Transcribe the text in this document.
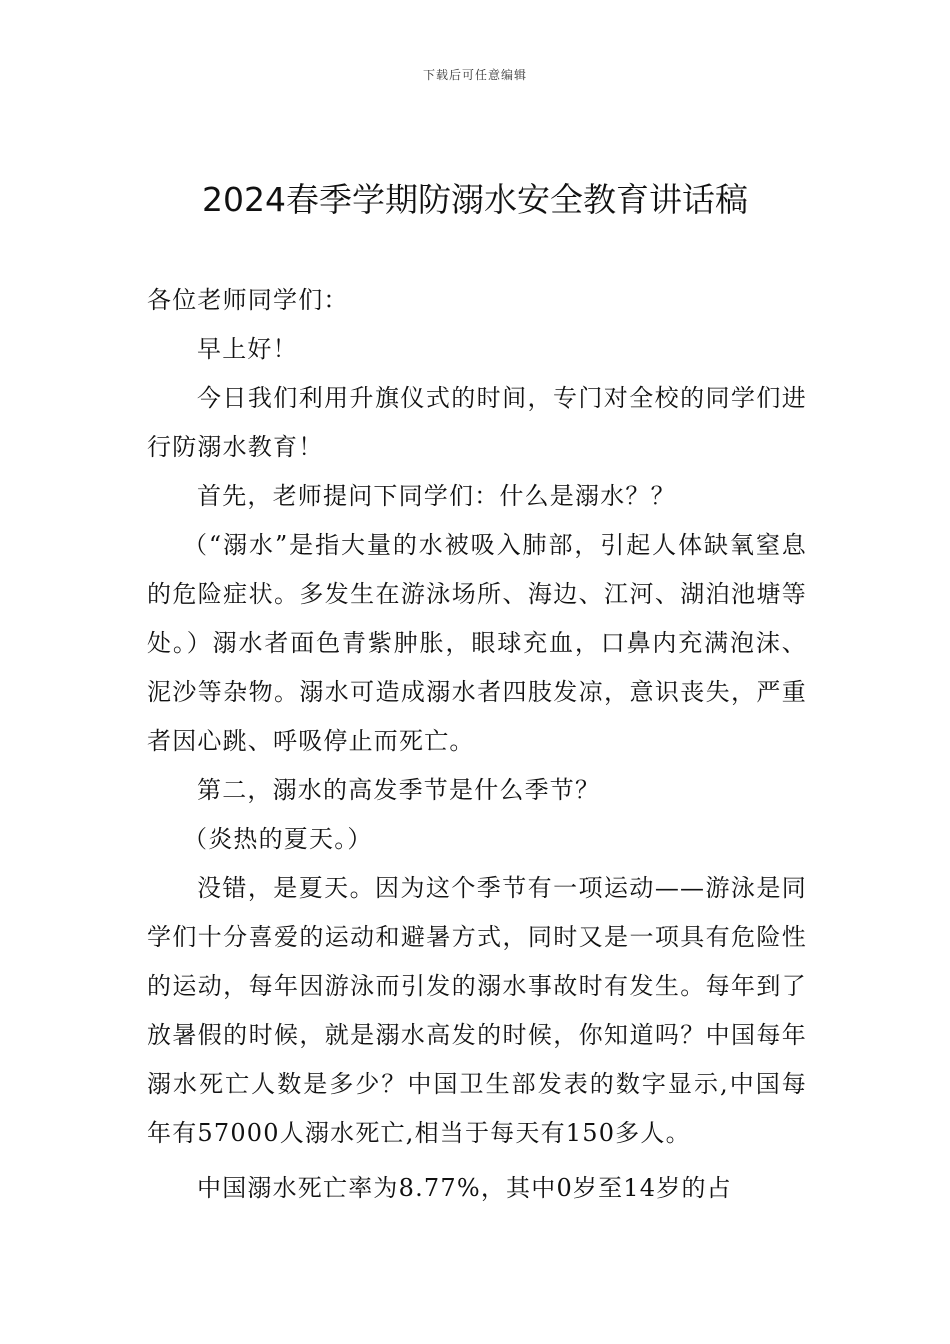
下载后可任意编辑
2024春季学期防溺水安全教育讲话稿

各位老师同学们：

早上好！

今日我们利用升旗仪式的时间，专门对全校的同学们进行防溺水教育！

首先，老师提问下同学们：什么是溺水？？

（“溺水”是指大量的水被吸入肺部，引起人体缺氧窒息的危险症状。多发生在游泳场所、海边、江河、湖泊池塘等处。）溺水者面色青紫肿胀，眼球充血，口鼻内充满泡沫、泥沙等杂物。溺水可造成溺水者四肢发凉，意识丧失，严重者因心跳、呼吸停止而死亡。

第二，溺水的高发季节是什么季节？

（炎热的夏天。）

没错，是夏天。因为这个季节有一项运动——游泳是同学们十分喜爱的运动和避暑方式，同时又是一项具有危险性的运动，每年因游泳而引发的溺水事故时有发生。每年到了放暑假的时候，就是溺水高发的时候，你知道吗？中国每年溺水死亡人数是多少？中国卫生部发表的数字显示,中国每年有57000人溺水死亡,相当于每天有150多人。

中国溺水死亡率为8.77%，其中0岁至14岁的占
